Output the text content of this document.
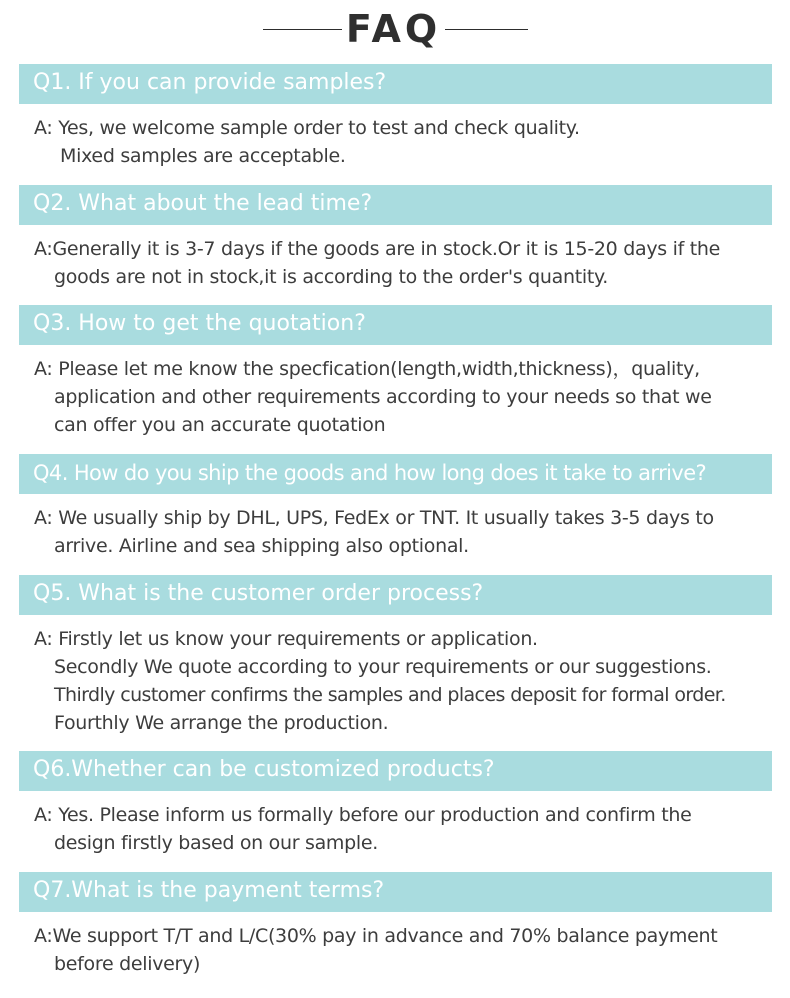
FAQ
Q1. If you can provide samples?
A: Yes, we welcome sample order to test and check quality.
Mixed samples are acceptable.
Q2. What about the lead time?
A:Generally it is 3-7 days if the goods are in stock.Or it is 15-20 days if the
goods are not in stock,it is according to the order's quantity.
Q3. How to get the quotation?
A: Please let me know the specfication(length,width,thickness)，quality,
application and other requirements according to your needs so that we
can offer you an accurate quotation
Q4. How do you ship the goods and how long does it take to arrive?
A: We usually ship by DHL, UPS, FedEx or TNT. It usually takes 3-5 days to
arrive. Airline and sea shipping also optional.
Q5. What is the customer order process?
A: Firstly let us know your requirements or application.
Secondly We quote according to your requirements or our suggestions.
Thirdly customer confirms the samples and places deposit for formal order.
Fourthly We arrange the production.
Q6.Whether can be customized products?
A: Yes. Please inform us formally before our production and confirm the
design firstly based on our sample.
Q7.What is the payment terms?
A:We support T/T and L/C(30% pay in advance and 70% balance payment
before delivery)
